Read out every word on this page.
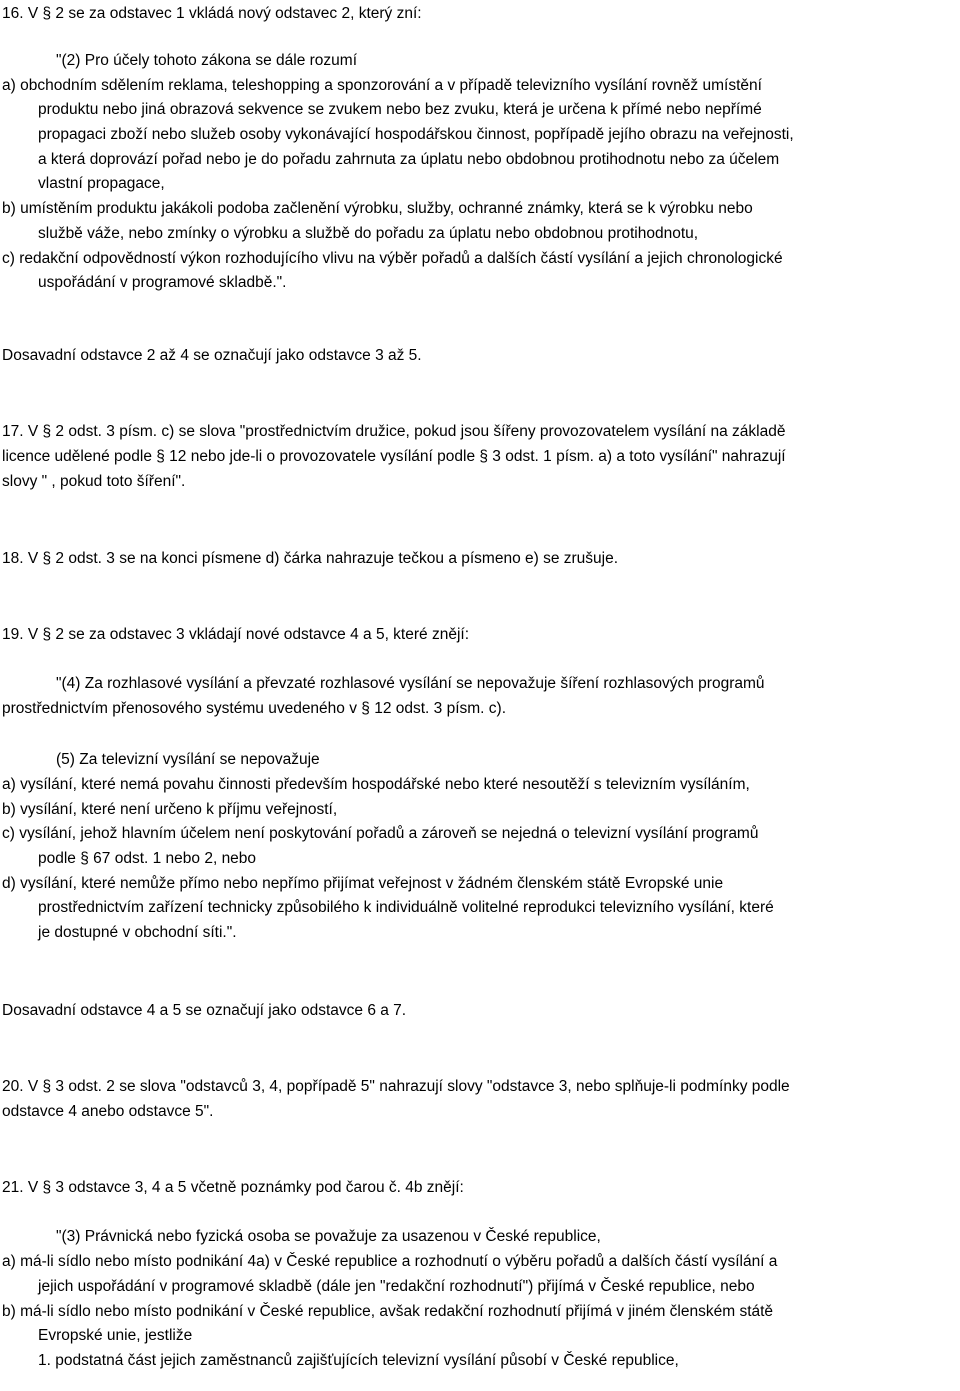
16. V § 2 se za odstavec 1 vkládá nový odstavec 2, který zní:
"(2) Pro účely tohoto zákona se dále rozumí
a) obchodním sdělením reklama, teleshopping a sponzorování a v případě televizního vysílání rovněž umístění
produktu nebo jiná obrazová sekvence se zvukem nebo bez zvuku, která je určena k přímé nebo nepřímé
propagaci zboží nebo služeb osoby vykonávající hospodářskou činnost, popřípadě jejího obrazu na veřejnosti,
a která doprovází pořad nebo je do pořadu zahrnuta za úplatu nebo obdobnou protihodnotu nebo za účelem
vlastní propagace,
b) umístěním produktu jakákoli podoba začlenění výrobku, služby, ochranné známky, která se k výrobku nebo
službě váže, nebo zmínky o výrobku a službě do pořadu za úplatu nebo obdobnou protihodnotu,
c) redakční odpovědností výkon rozhodujícího vlivu na výběr pořadů a dalších částí vysílání a jejich chronologické
uspořádání v programové skladbě.".
Dosavadní odstavce 2 až 4 se označují jako odstavce 3 až 5.
17. V § 2 odst. 3 písm. c) se slova "prostřednictvím družice, pokud jsou šířeny provozovatelem vysílání na základě
licence udělené podle § 12 nebo jde-li o provozovatele vysílání podle § 3 odst. 1 písm. a) a toto vysílání" nahrazují
slovy " , pokud toto šíření".
18. V § 2 odst. 3 se na konci písmene d) čárka nahrazuje tečkou a písmeno e) se zrušuje.
19. V § 2 se za odstavec 3 vkládají nové odstavce 4 a 5, které znějí:
"(4) Za rozhlasové vysílání a převzaté rozhlasové vysílání se nepovažuje šíření rozhlasových programů
prostřednictvím přenosového systému uvedeného v § 12 odst. 3 písm. c).
(5) Za televizní vysílání se nepovažuje
a) vysílání, které nemá povahu činnosti především hospodářské nebo které nesoutěží s televizním vysíláním,
b) vysílání, které není určeno k příjmu veřejností,
c) vysílání, jehož hlavním účelem není poskytování pořadů a zároveň se nejedná o televizní vysílání programů
podle § 67 odst. 1 nebo 2, nebo
d) vysílání, které nemůže přímo nebo nepřímo přijímat veřejnost v žádném členském státě Evropské unie
prostřednictvím zařízení technicky způsobilého k individuálně volitelné reprodukci televizního vysílání, které
je dostupné v obchodní síti.".
Dosavadní odstavce 4 a 5 se označují jako odstavce 6 a 7.
20. V § 3 odst. 2 se slova "odstavců 3, 4, popřípadě 5" nahrazují slovy "odstavce 3, nebo splňuje-li podmínky podle
odstavce 4 anebo odstavce 5".
21. V § 3 odstavce 3, 4 a 5 včetně poznámky pod čarou č. 4b znějí:
"(3) Právnická nebo fyzická osoba se považuje za usazenou v České republice,
a) má-li sídlo nebo místo podnikání 4a) v České republice a rozhodnutí o výběru pořadů a dalších částí vysílání a
jejich uspořádání v programové skladbě (dále jen "redakční rozhodnutí") přijímá v České republice, nebo
b) má-li sídlo nebo místo podnikání v České republice, avšak redakční rozhodnutí přijímá v jiném členském státě
Evropské unie, jestliže
1. podstatná část jejich zaměstnanců zajišťujících televizní vysílání působí v České republice,
